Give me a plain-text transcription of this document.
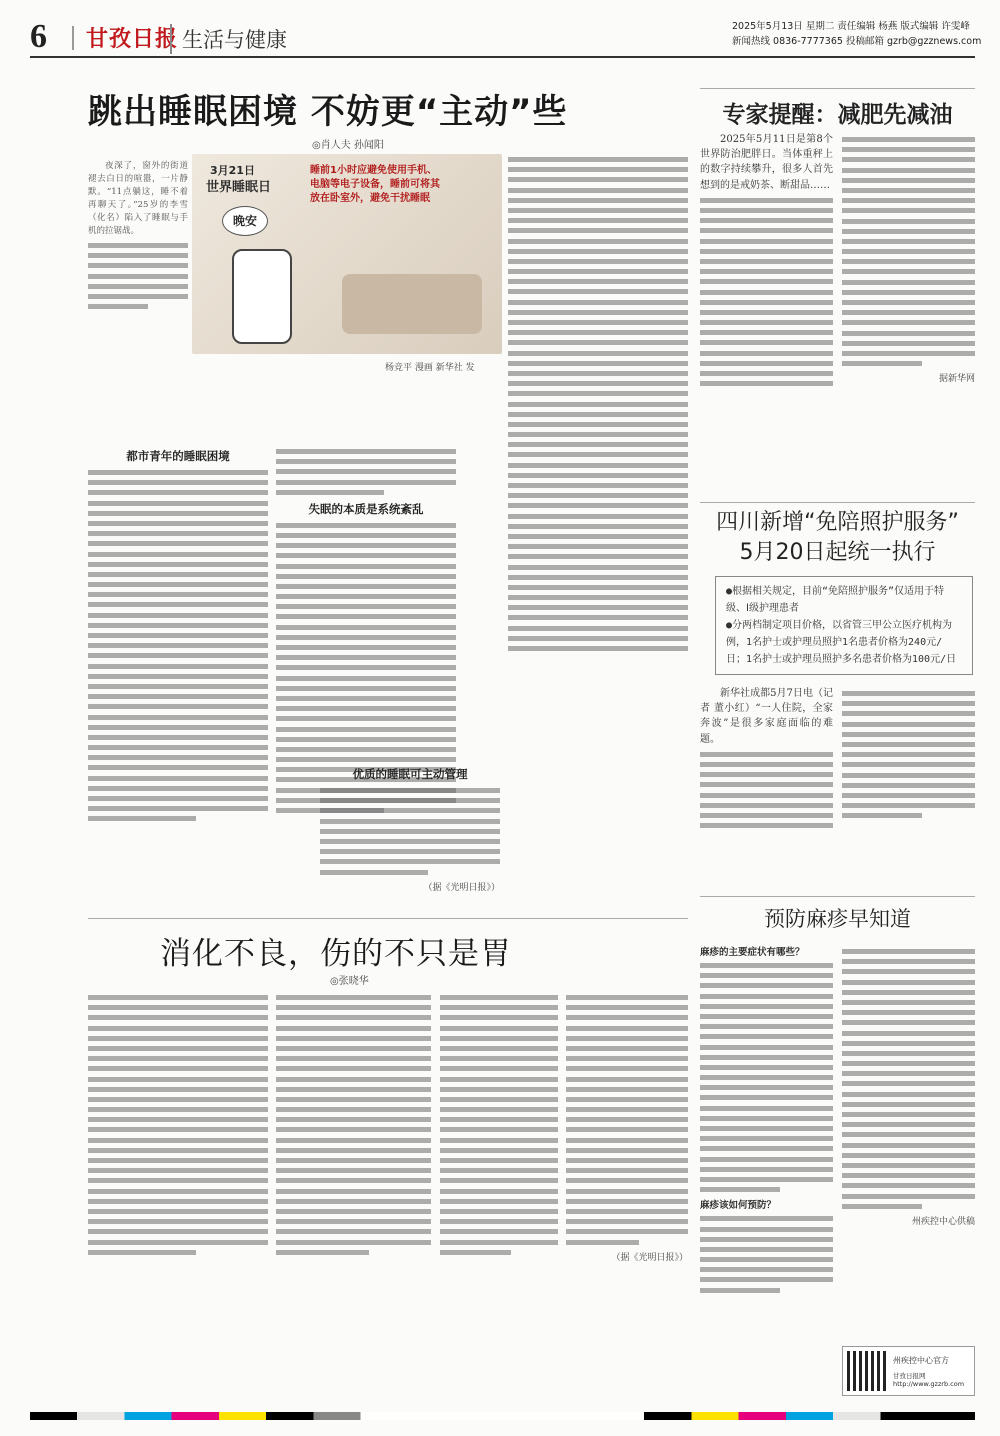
6 甘孜日报 生活与健康
2025年5月13日 星期二 责任编辑 杨燕 版式编辑 许雯峰
新闻热线 0836-7777365 投稿邮箱 gzrb@gzznews.com
跳出睡眠困境 不妨更“主动”些
◎肖人夫 孙闻阳
夜深了，窗外的街道褪去白日的喧嚣，一片静默。“11点躺这，睡不着再聊天了。”25岁的李雪（化名）陷入了睡眠与手机的拉锯战。
3月21日
世界睡眠日
晚安
睡前1小时应避免使用手机、电脑等电子设备，睡前可将其放在卧室外，避免干扰睡眠
杨竞平 漫画 新华社 发
都市青年的睡眠困境
失眠的本质是系统紊乱
优质的睡眠可主动管理
（据《光明日报》）
专家提醒：减肥先减油
2025年5月11日是第8个世界防治肥胖日。当体重秤上的数字持续攀升，很多人首先想到的是戒奶茶、断甜品……
据新华网
四川新增“免陪照护服务”
5月20日起统一执行
●根据相关规定，目前“免陪照护服务”仅适用于特级、Ⅰ级护理患者
●分两档制定项目价格，以省管三甲公立医疗机构为例，1名护士或护理员照护1名患者价格为240元/日；1名护士或护理员照护多名患者价格为100元/日
新华社成都5月7日电（记者 董小红）“一人住院，全家奔波”是很多家庭面临的难题。
预防麻疹早知道
麻疹的主要症状有哪些？
麻疹该如何预防？
州疾控中心供稿
州疾控中心官方
甘孜日报网 http://www.gzzrb.com
消化不良，伤的不只是胃
◎张晓华
（据《光明日报》）
